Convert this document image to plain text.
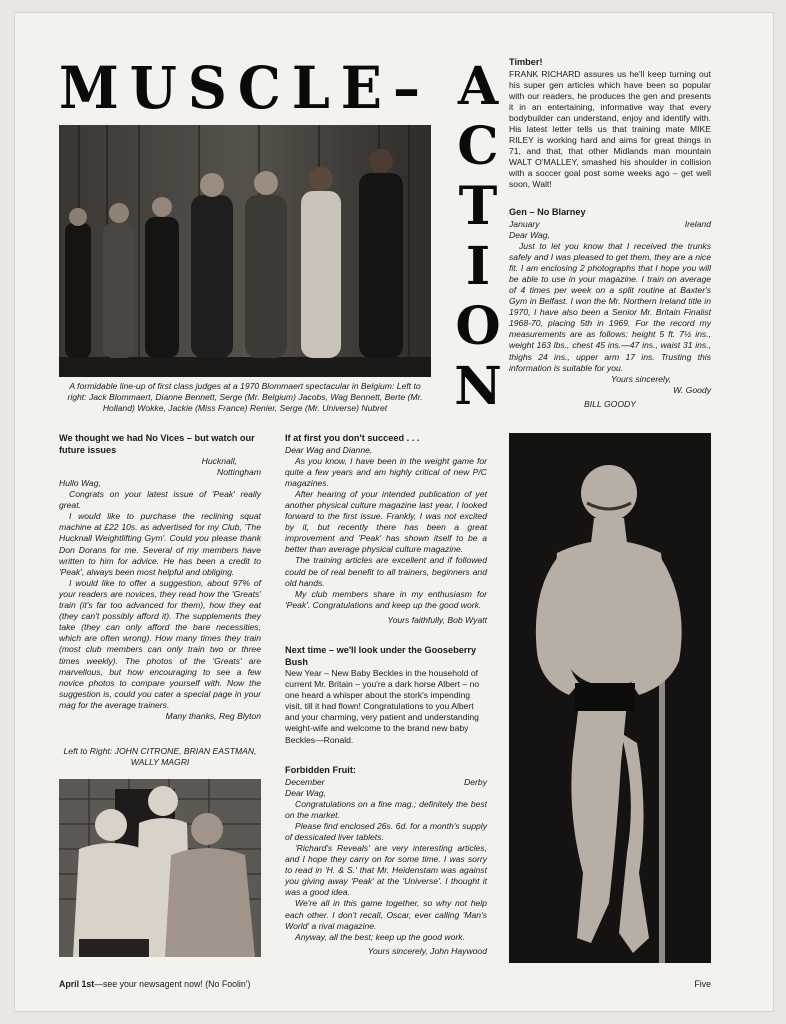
MUSCLE– A
C
T
I
O
N
A formidable line-up of first class judges at a 1970 Blommaert spectacular in Belgium: Left to right: Jack Blommaert, Dianne Bennett, Serge (Mr. Belgium) Jacobs, Wag Bennett, Berte (Mr. Holland) Wokke, Jackie (Miss France) Renier, Serge (Mr. Universe) Nubret
Timber!
FRANK RICHARD assures us he'll keep turning out his super gen articles which have been so popular with our readers, he produces the gen and presents it in an entertaining, informative way that every bodybuilder can understand, enjoy and identify with. His latest letter tells us that training mate MIKE RILEY is working hard and aims for great things in 71, and that, that other Midlands man mountain WALT O'MALLEY, smashed his shoulder in collision with a soccer goal post some weeks ago – get well soon, Walt!
Gen – No Blarney
January	Ireland
Dear Wag,

Just to let you know that I received the trunks safely and I was pleased to get them, they are a nice fit. I am enclosing 2 photographs that I hope you will be able to use in your magazine. I train on average of 4 times per week on a split routine at Baxter's Gym in Belfast. I won the Mr. Northern Ireland title in 1970, I have also been a Senior Mr. Britain Finalist 1968-70, placing 5th in 1969. For the record my measurements are as follows: height 5 ft. 7½ ins., weight 163 lbs., chest 45 ins.—47 ins., waist 31 ins., thighs 24 ins., upper arm 17 ins. Trusting this information is suitable for you.

Yours sincerely,
W. Goody
BILL GOODY
We thought we had No Vices – but watch our future issues
Hucknall,
Nottingham
Hullo Wag,

Congrats on your latest issue of 'Peak' really great.

I would like to purchase the reclining squat machine at £22 10s. as advertised for my Club, 'The Hucknall Weightlifting Gym'. Could you please thank Don Dorans for me. Several of my members have written to him for advice. He has been a credit to 'Peak', always been most helpful and obliging.

I would like to offer a suggestion, about 97% of your readers are novices, they read how the 'Greats' train (it's far too advanced for them), how they eat (they can't possibly afford it). The supplements they take (they can only afford the bare necessities, which are often wrong). How many times they train (most club members can only train two or three times weekly). The photos of the 'Greats' are marvellous, but how encouraging to see a few novice photos to compare yourself with. Now the suggestion is, could you cater a special page in your mag for the average trainers.

Many thanks, Reg Blyton
Left to Right: JOHN CITRONE, BRIAN EASTMAN, WALLY MAGRI
If at first you don't succeed . . .
Dear Wag and Dianne,

As you know, I have been in the weight game for quite a few years and am highly critical of new P/C magazines.

After hearing of your intended publication of yet another physical culture magazine last year, I looked forward to the first issue. Frankly, I was not excited by it, but recently there has been a great improvement and 'Peak' has shown itself to be a better than average physical culture magazine.

The training articles are excellent and if followed could be of real benefit to all trainers, beginners and old hands.

My club members share in my enthusiasm for 'Peak'. Congratulations and keep up the good work.

Yours faithfully, Bob Wyatt
Next time – we'll look under the Gooseberry Bush
New Year – New Baby Beckles in the household of current Mr. Britain – you're a dark horse Albert – no one heard a whisper about the stork's impending visit, till it had flown! Congratulations to you Albert and your charming, very patient and understanding weight-wife and welcome to the brand new baby Beckles—Ronald.
Forbidden Fruit:
December	Derby
Dear Wag,

Congratulations on a fine mag.; definitely the best on the market.

Please find enclosed 26s. 6d. for a month's supply of dessicated liver tablets.

'Richard's Reveals' are very interesting articles, and I hope they carry on for some time. I was sorry to read in 'H. & S.' that Mr. Heidenstam was against you giving away 'Peak' at the 'Universe'. I thought it was a good idea.

We're all in this game together, so why not help each other. I don't recall, Oscar, ever calling 'Man's World' a rival magazine.

Anyway, all the best; keep up the good work.

Yours sincerely, John Haywood
April 1st—see your newsagent now! (No Foolin')	Five
